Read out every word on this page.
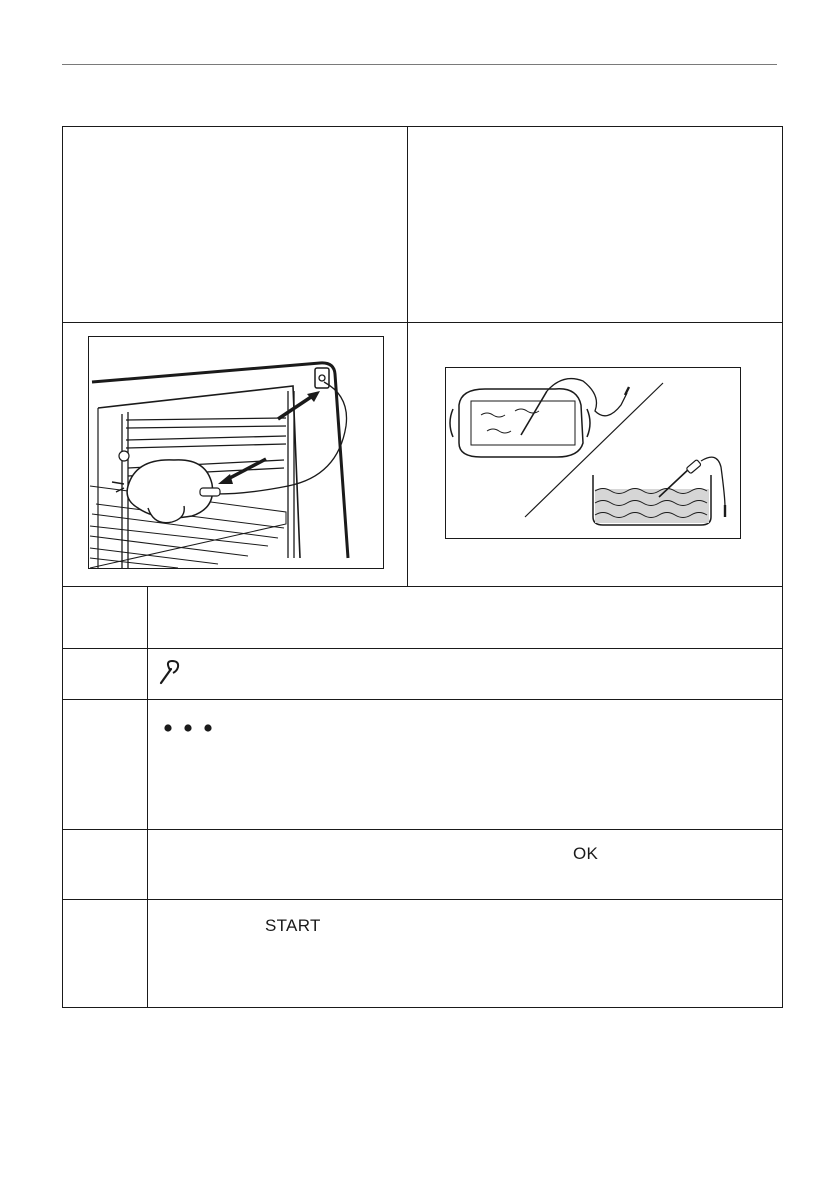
	OK	

	START	
